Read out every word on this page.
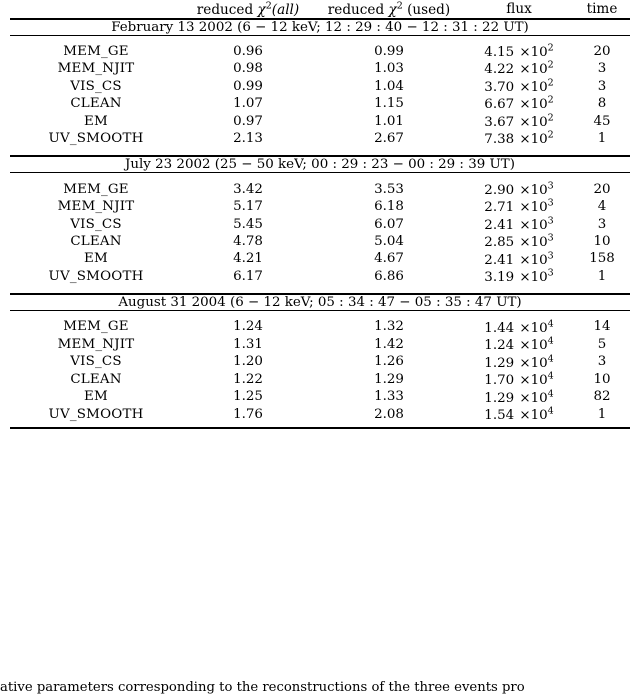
	reduced $\chi^2(all)$	reduced $\chi^2$ (used)	flux	time

February 13 2002 (6 − 12 keV; 12 : 29 : 40 − 12 : 31 : 22 UT)				

MEM_GE	0.96	0.99	$4.15 \times 10^2$	20
MEM_NJIT	0.98	1.03	$4.22 \times 10^2$	3
VIS_CS	0.99	1.04	$3.70 \times 10^2$	3
CLEAN	1.07	1.15	$6.67 \times 10^2$	8
EM	0.97	1.01	$3.67 \times 10^2$	45
UV_SMOOTH	2.13	2.67	$7.38 \times 10^2$	1

July 23 2002 (25 − 50 keV; 00 : 29 : 23 − 00 : 29 : 39 UT)				

MEM_GE	3.42	3.53	$2.90 \times 10^3$	20
MEM_NJIT	5.17	6.18	$2.71 \times 10^3$	4
VIS_CS	5.45	6.07	$2.41 \times 10^3$	3
CLEAN	4.78	5.04	$2.85 \times 10^3$	10
EM	4.21	4.67	$2.41 \times 10^3$	158
UV_SMOOTH	6.17	6.86	$3.19 \times 10^3$	1

August 31 2004 (6 − 12 keV; 05 : 34 : 47 − 05 : 35 : 47 UT)				

MEM_GE	1.24	1.32	$1.44 \times 10^4$	14
MEM_NJIT	1.31	1.42	$1.24 \times 10^4$	5
VIS_CS	1.20	1.26	$1.29 \times 10^4$	3
CLEAN	1.22	1.29	$1.70 \times 10^4$	10
EM	1.25	1.33	$1.29 \times 10^4$	82
UV_SMOOTH	1.76	2.08	$1.54 \times 10^4$	1

ative parameters corresponding to the reconstructions of the three events pro
